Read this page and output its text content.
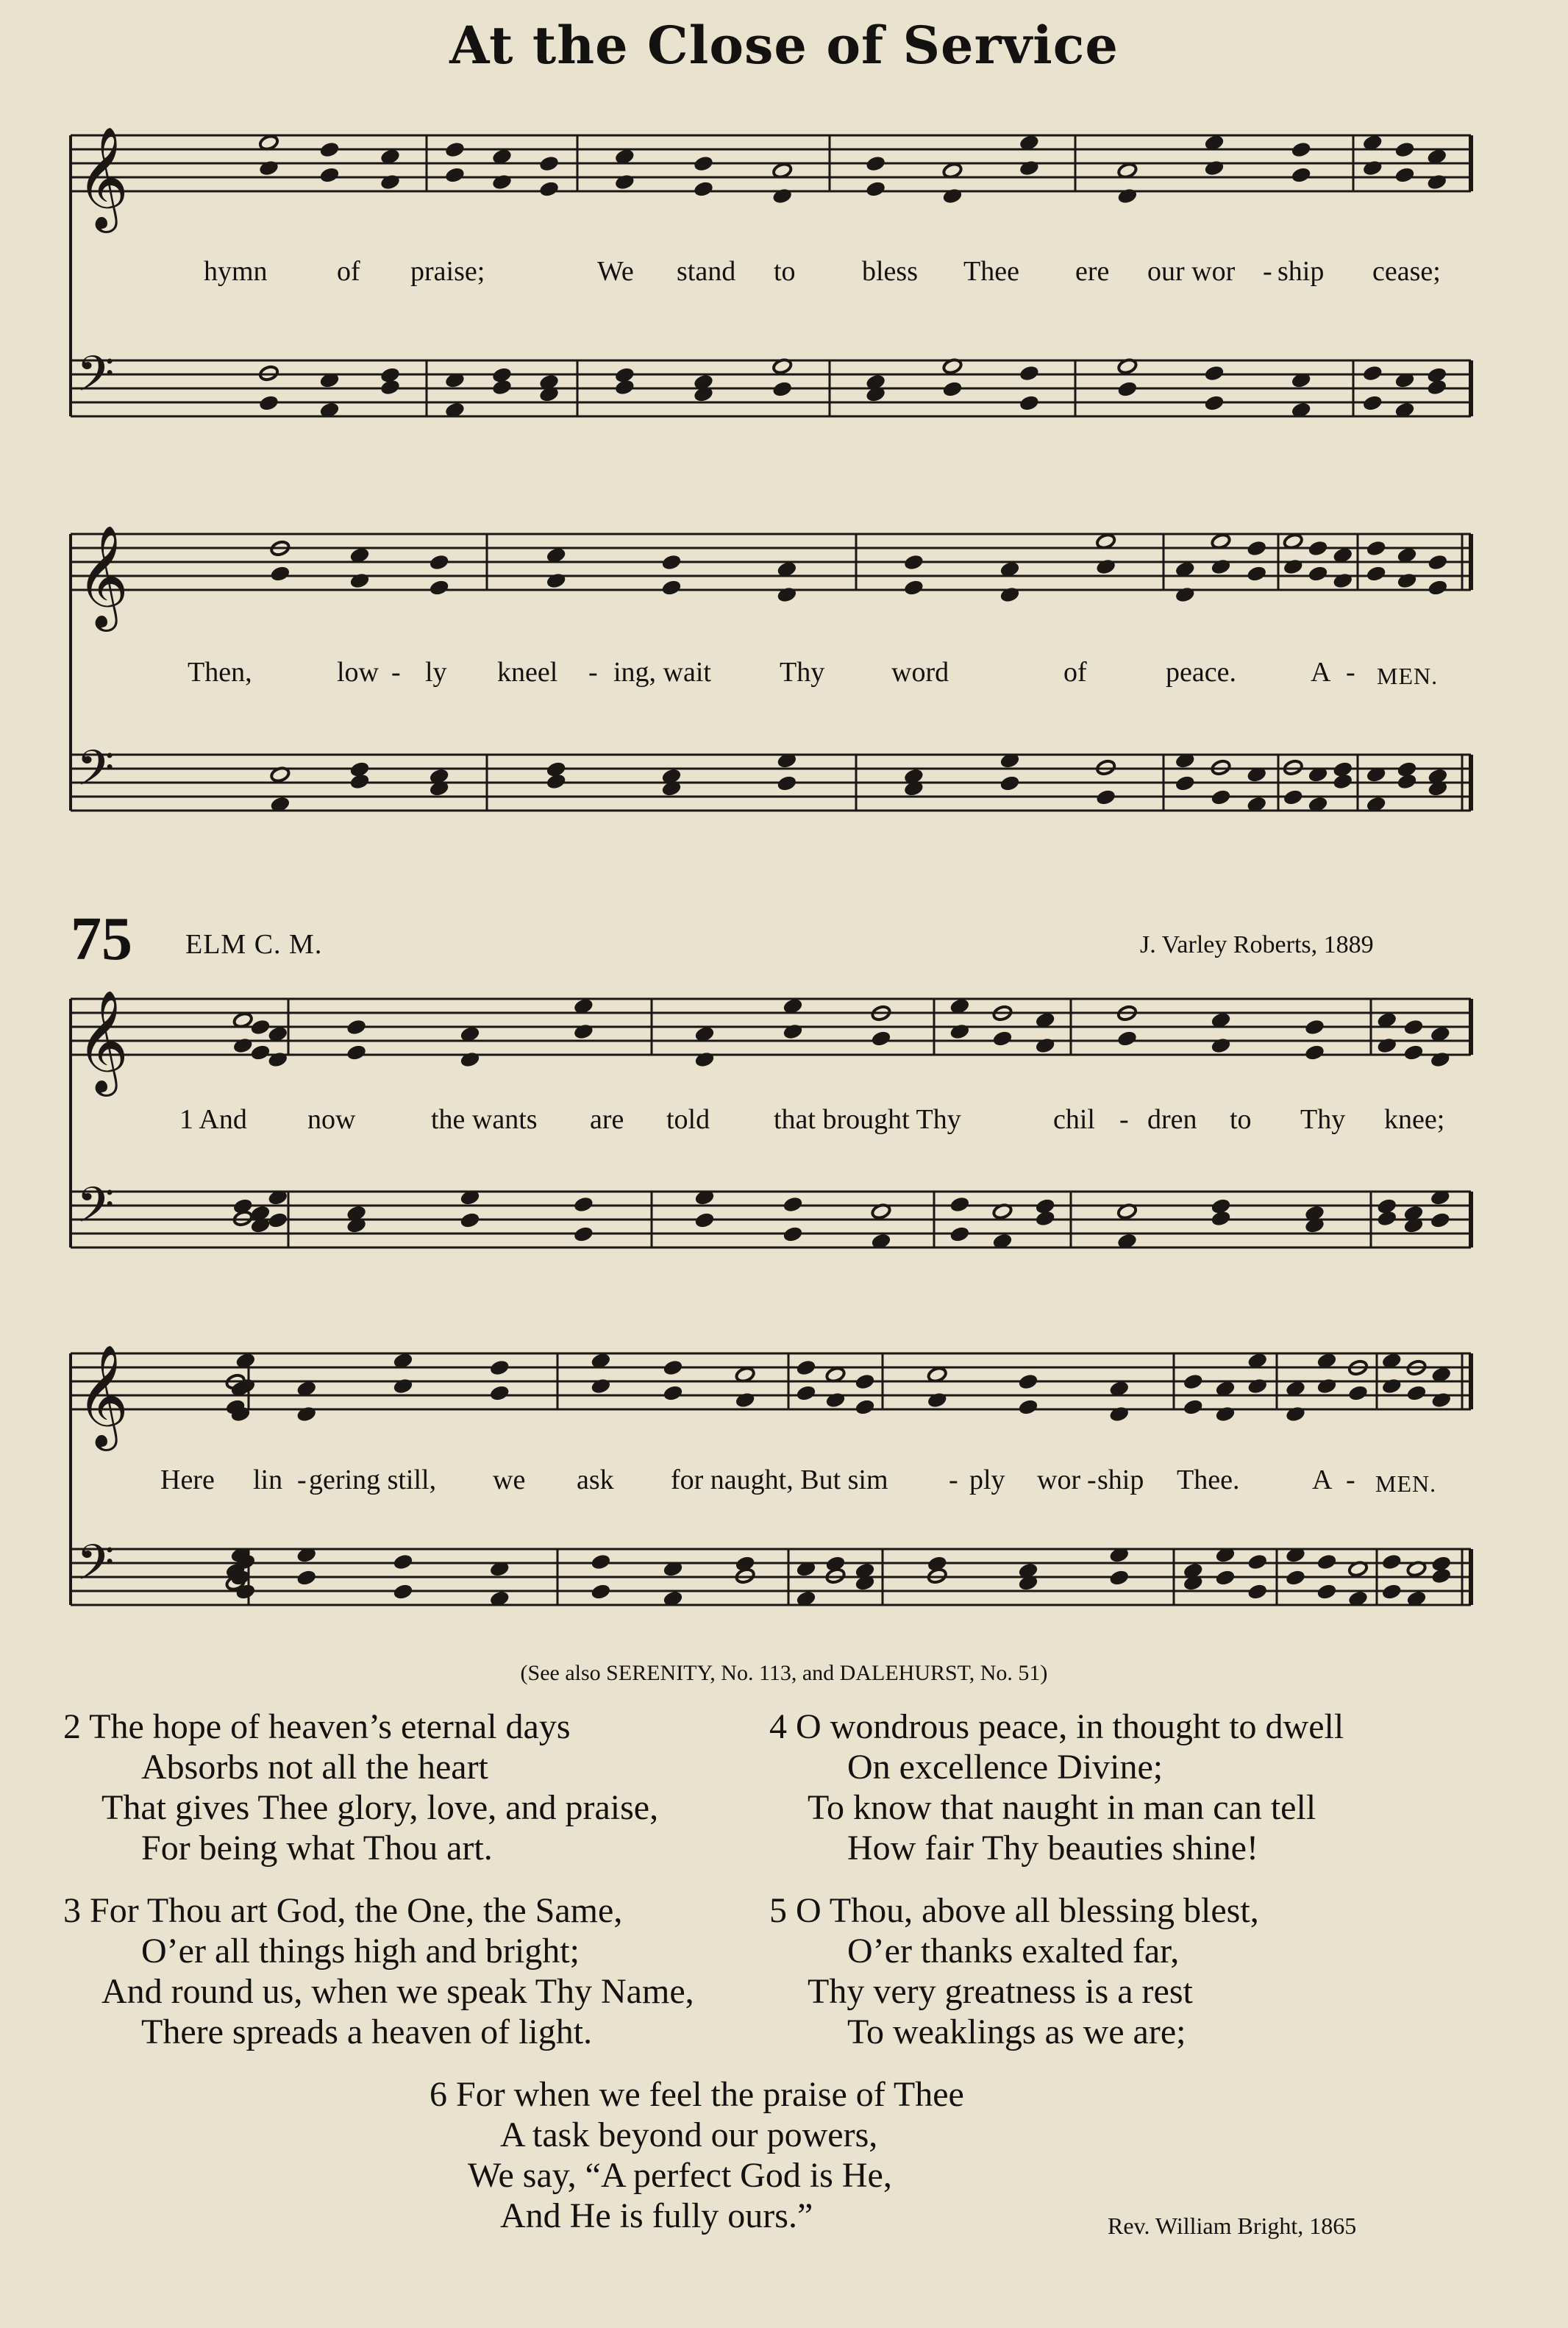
At the Close of Service
𝄞
𝄢
𝄞
𝄢
𝄞
𝄢
𝄞
𝄢
hymn of praise;	We stand to bless Thee ere our wor - ship cease;
Then,	low - ly kneel - ing, wait Thy word	of	peace.	A - MEN.
75 ELM C. M.	J. Varley Roberts, 1889
1 And now	the wants are told that brought Thy	chil - dren to Thy knee;
Here lin - gering still, we ask for naught, But sim - ply wor - ship Thee.	A - MEN.
(See also SERENITY, No. 113, and DALEHURST, No. 51)
2 The hope of heaven’s eternal days
Absorbs not all the heart
That gives Thee glory, love, and praise,
For being what Thou art.
4 O wondrous peace, in thought to dwell
On excellence Divine;
To know that naught in man can tell
How fair Thy beauties shine!
3 For Thou art God, the One, the Same,
O’er all things high and bright;
And round us, when we speak Thy Name,
There spreads a heaven of light.
5 O Thou, above all blessing blest,
O’er thanks exalted far,
Thy very greatness is a rest
To weaklings as we are;
6 For when we feel the praise of Thee
A task beyond our powers,
We say, “A perfect God is He,
And He is fully ours.”	Rev. William Bright, 1865
